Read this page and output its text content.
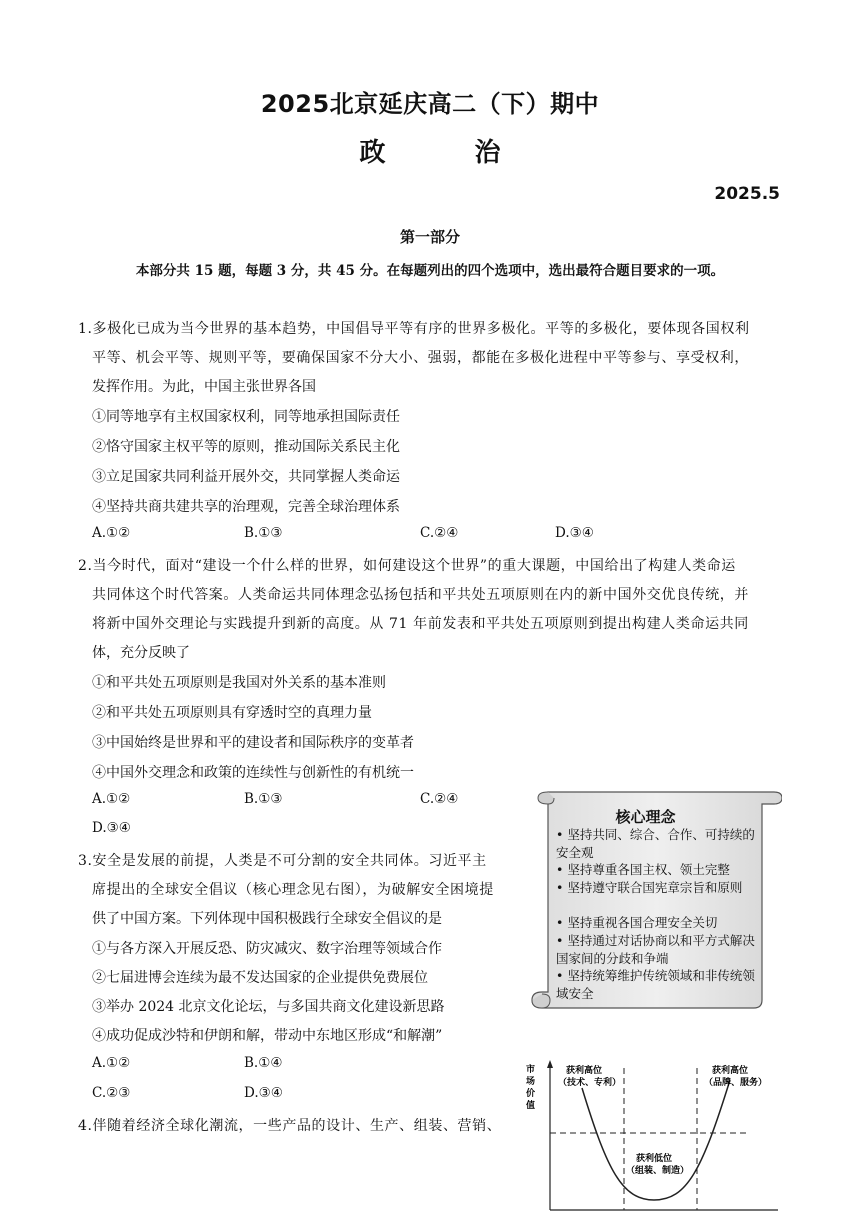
2025北京延庆高二（下）期中
政 治
2025.5
第一部分
本部分共 15 题，每题 3 分，共 45 分。在每题列出的四个选项中，选出最符合题目要求的一项。
1.多极化已成为当今世界的基本趋势，中国倡导平等有序的世界多极化。平等的多极化，要体现各国权利
平等、机会平等、规则平等，要确保国家不分大小、强弱，都能在多极化进程中平等参与、享受权利，
发挥作用。为此，中国主张世界各国
①同等地享有主权国家权利，同等地承担国际责任
②恪守国家主权平等的原则，推动国际关系民主化
③立足国家共同利益开展外交，共同掌握人类命运
④坚持共商共建共享的治理观，完善全球治理体系
A.①②	B.①③	C.②④	D.③④
2.当今时代，面对“建设一个什么样的世界，如何建设这个世界”的重大课题，中国给出了构建人类命运
共同体这个时代答案。人类命运共同体理念弘扬包括和平共处五项原则在内的新中国外交优良传统，并
将新中国外交理论与实践提升到新的高度。从 71 年前发表和平共处五项原则到提出构建人类命运共同
体，充分反映了
①和平共处五项原则是我国对外关系的基本准则
②和平共处五项原则具有穿透时空的真理力量
③中国始终是世界和平的建设者和国际秩序的变革者
④中国外交理念和政策的连续性与创新性的有机统一
A.①②	B.①③	C.②④
D.③④
3.安全是发展的前提，人类是不可分割的安全共同体。习近平主
席提出的全球安全倡议（核心理念见右图），为破解安全困境提
供了中国方案。下列体现中国积极践行全球安全倡议的是
①与各方深入开展反恐、防灾减灾、数字治理等领域合作
②七届进博会连续为最不发达国家的企业提供免费展位
③举办 2024 北京文化论坛，与多国共商文化建设新思路
④成功促成沙特和伊朗和解，带动中东地区形成“和解潮”
A.①②	B.①④
C.②③	D.③④
核心理念
• 坚持共同、综合、合作、可持续的安全观
• 坚持尊重各国主权、领土完整
• 坚持遵守联合国宪章宗旨和原则
• 坚持重视各国合理安全关切
• 坚持通过对话协商以和平方式解决国家间的分歧和争端
• 坚持统筹维护传统领域和非传统领域安全
4.伴随着经济全球化潮流，一些产品的设计、生产、组装、营销、
市
场
价
值
获利高位
（技术、专利）
获利高位
（品牌、服务）
获利低位
（组装、制造）
